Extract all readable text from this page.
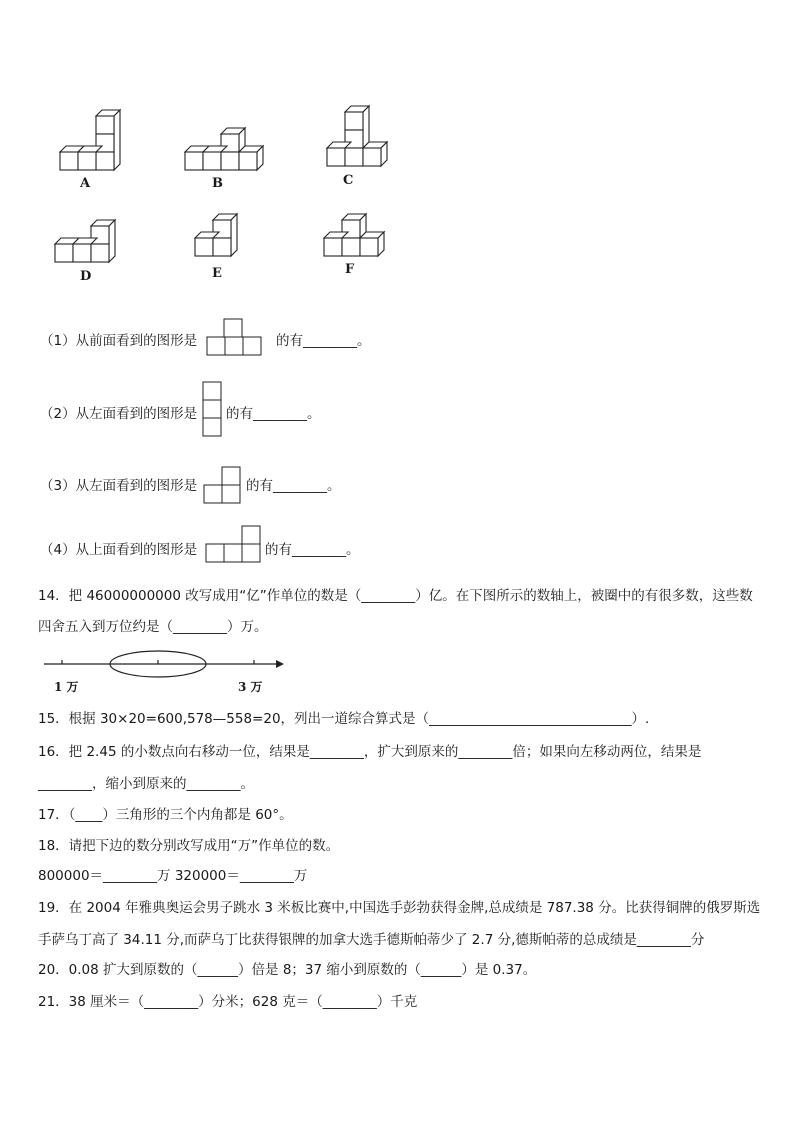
A	B	C
D	E	F
（1）从前面看到的图形是	的有________。
（2）从左面看到的图形是 的有________。
（3）从左面看到的图形是	的有________。
（4）从上面看到的图形是	的有________。
14．把 46000000000 改写成用“亿”作单位的数是（________）亿。在下图所示的数轴上，被圈中的有很多数，这些数
四舍五入到万位约是（________）万。
1 万	3 万
15．根据 30×20=600,578—558=20，列出一道综合算式是（______________________________）.
16．把 2.45 的小数点向右移动一位，结果是________，扩大到原来的________倍；如果向左移动两位，结果是
________，缩小到原来的________。
17．（____）三角形的三个内角都是 60°。
18．请把下边的数分别改写成用“万”作单位的数。
800000＝________万 320000＝________万
19．在 2004 年雅典奥运会男子跳水 3 米板比赛中,中国选手彭勃获得金牌,总成绩是 787.38 分。比获得铜牌的俄罗斯选
手萨乌丁高了 34.11 分,而萨乌丁比获得银牌的加拿大选手德斯帕蒂少了 2.7 分,德斯帕蒂的总成绩是________分
20．0.08 扩大到原数的（______）倍是 8；37 缩小到原数的（______）是 0.37。
21．38 厘米＝（________）分米；628 克＝（________）千克
